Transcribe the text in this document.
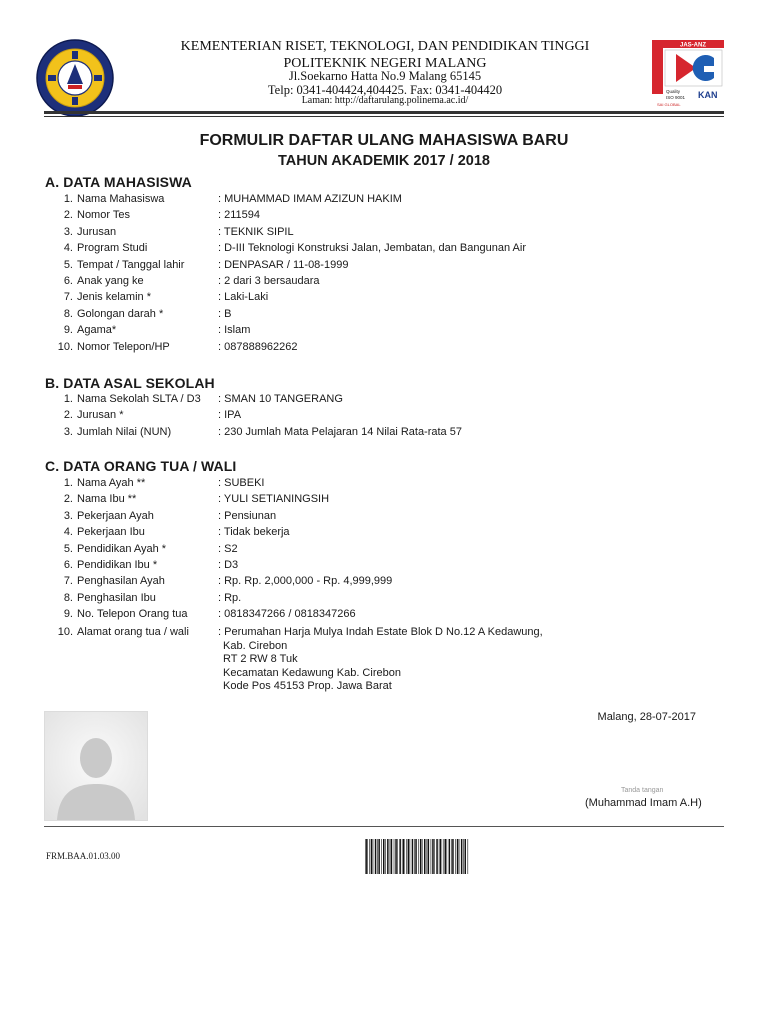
JAS-ANZ
Quality
ISO 9001 KAN
SAI GLOBAL
KEMENTERIAN RISET, TEKNOLOGI, DAN PENDIDIKAN TINGGI
POLITEKNIK NEGERI MALANG
Jl.Soekarno Hatta No.9 Malang 65145
Telp: 0341-404424,404425. Fax: 0341-404420
Laman: http://daftarulang.polinema.ac.id/
FORMULIR DAFTAR ULANG MAHASISWA BARU
TAHUN AKADEMIK 2017 / 2018
A. DATA MAHASISWA
1. Nama Mahasiswa	: MUHAMMAD IMAM AZIZUN HAKIM
2. Nomor Tes	: 211594
3. Jurusan	: TEKNIK SIPIL
4. Program Studi	: D-III Teknologi Konstruksi Jalan, Jembatan, dan Bangunan Air
5. Tempat / Tanggal lahir	: DENPASAR / 11-08-1999
6. Anak yang ke	: 2 dari 3 bersaudara
7. Jenis kelamin *	: Laki-Laki
8. Golongan darah *	: B
9. Agama*	: Islam
10. Nomor Telepon/HP	: 087888962262
B. DATA ASAL SEKOLAH
1. Nama Sekolah SLTA / D3	: SMAN 10 TANGERANG
2. Jurusan *	: IPA
3. Jumlah Nilai (NUN)	: 230 Jumlah Mata Pelajaran 14 Nilai Rata-rata 57
C. DATA ORANG TUA / WALI
1. Nama Ayah **	: SUBEKI
2. Nama Ibu **	: YULI SETIANINGSIH
3. Pekerjaan Ayah	: Pensiunan
4. Pekerjaan Ibu	: Tidak bekerja
5. Pendidikan Ayah *	: S2
6. Pendidikan Ibu *	: D3
7. Penghasilan Ayah	: Rp. Rp. 2,000,000 - Rp. 4,999,999
8. Penghasilan Ibu	: Rp.
9. No. Telepon Orang tua	: 0818347266 / 0818347266
10. Alamat orang tua / wali	: Perumahan Harja Mulya Indah Estate Blok D No.12 A Kedawung,
Kab. Cirebon
RT 2 RW 8 Tuk
Kecamatan Kedawung Kab. Cirebon
Kode Pos 45153 Prop. Jawa Barat
Malang, 28-07-2017
Tanda tangan
(Muhammad Imam A.H)
FRM.BAA.01.03.00
